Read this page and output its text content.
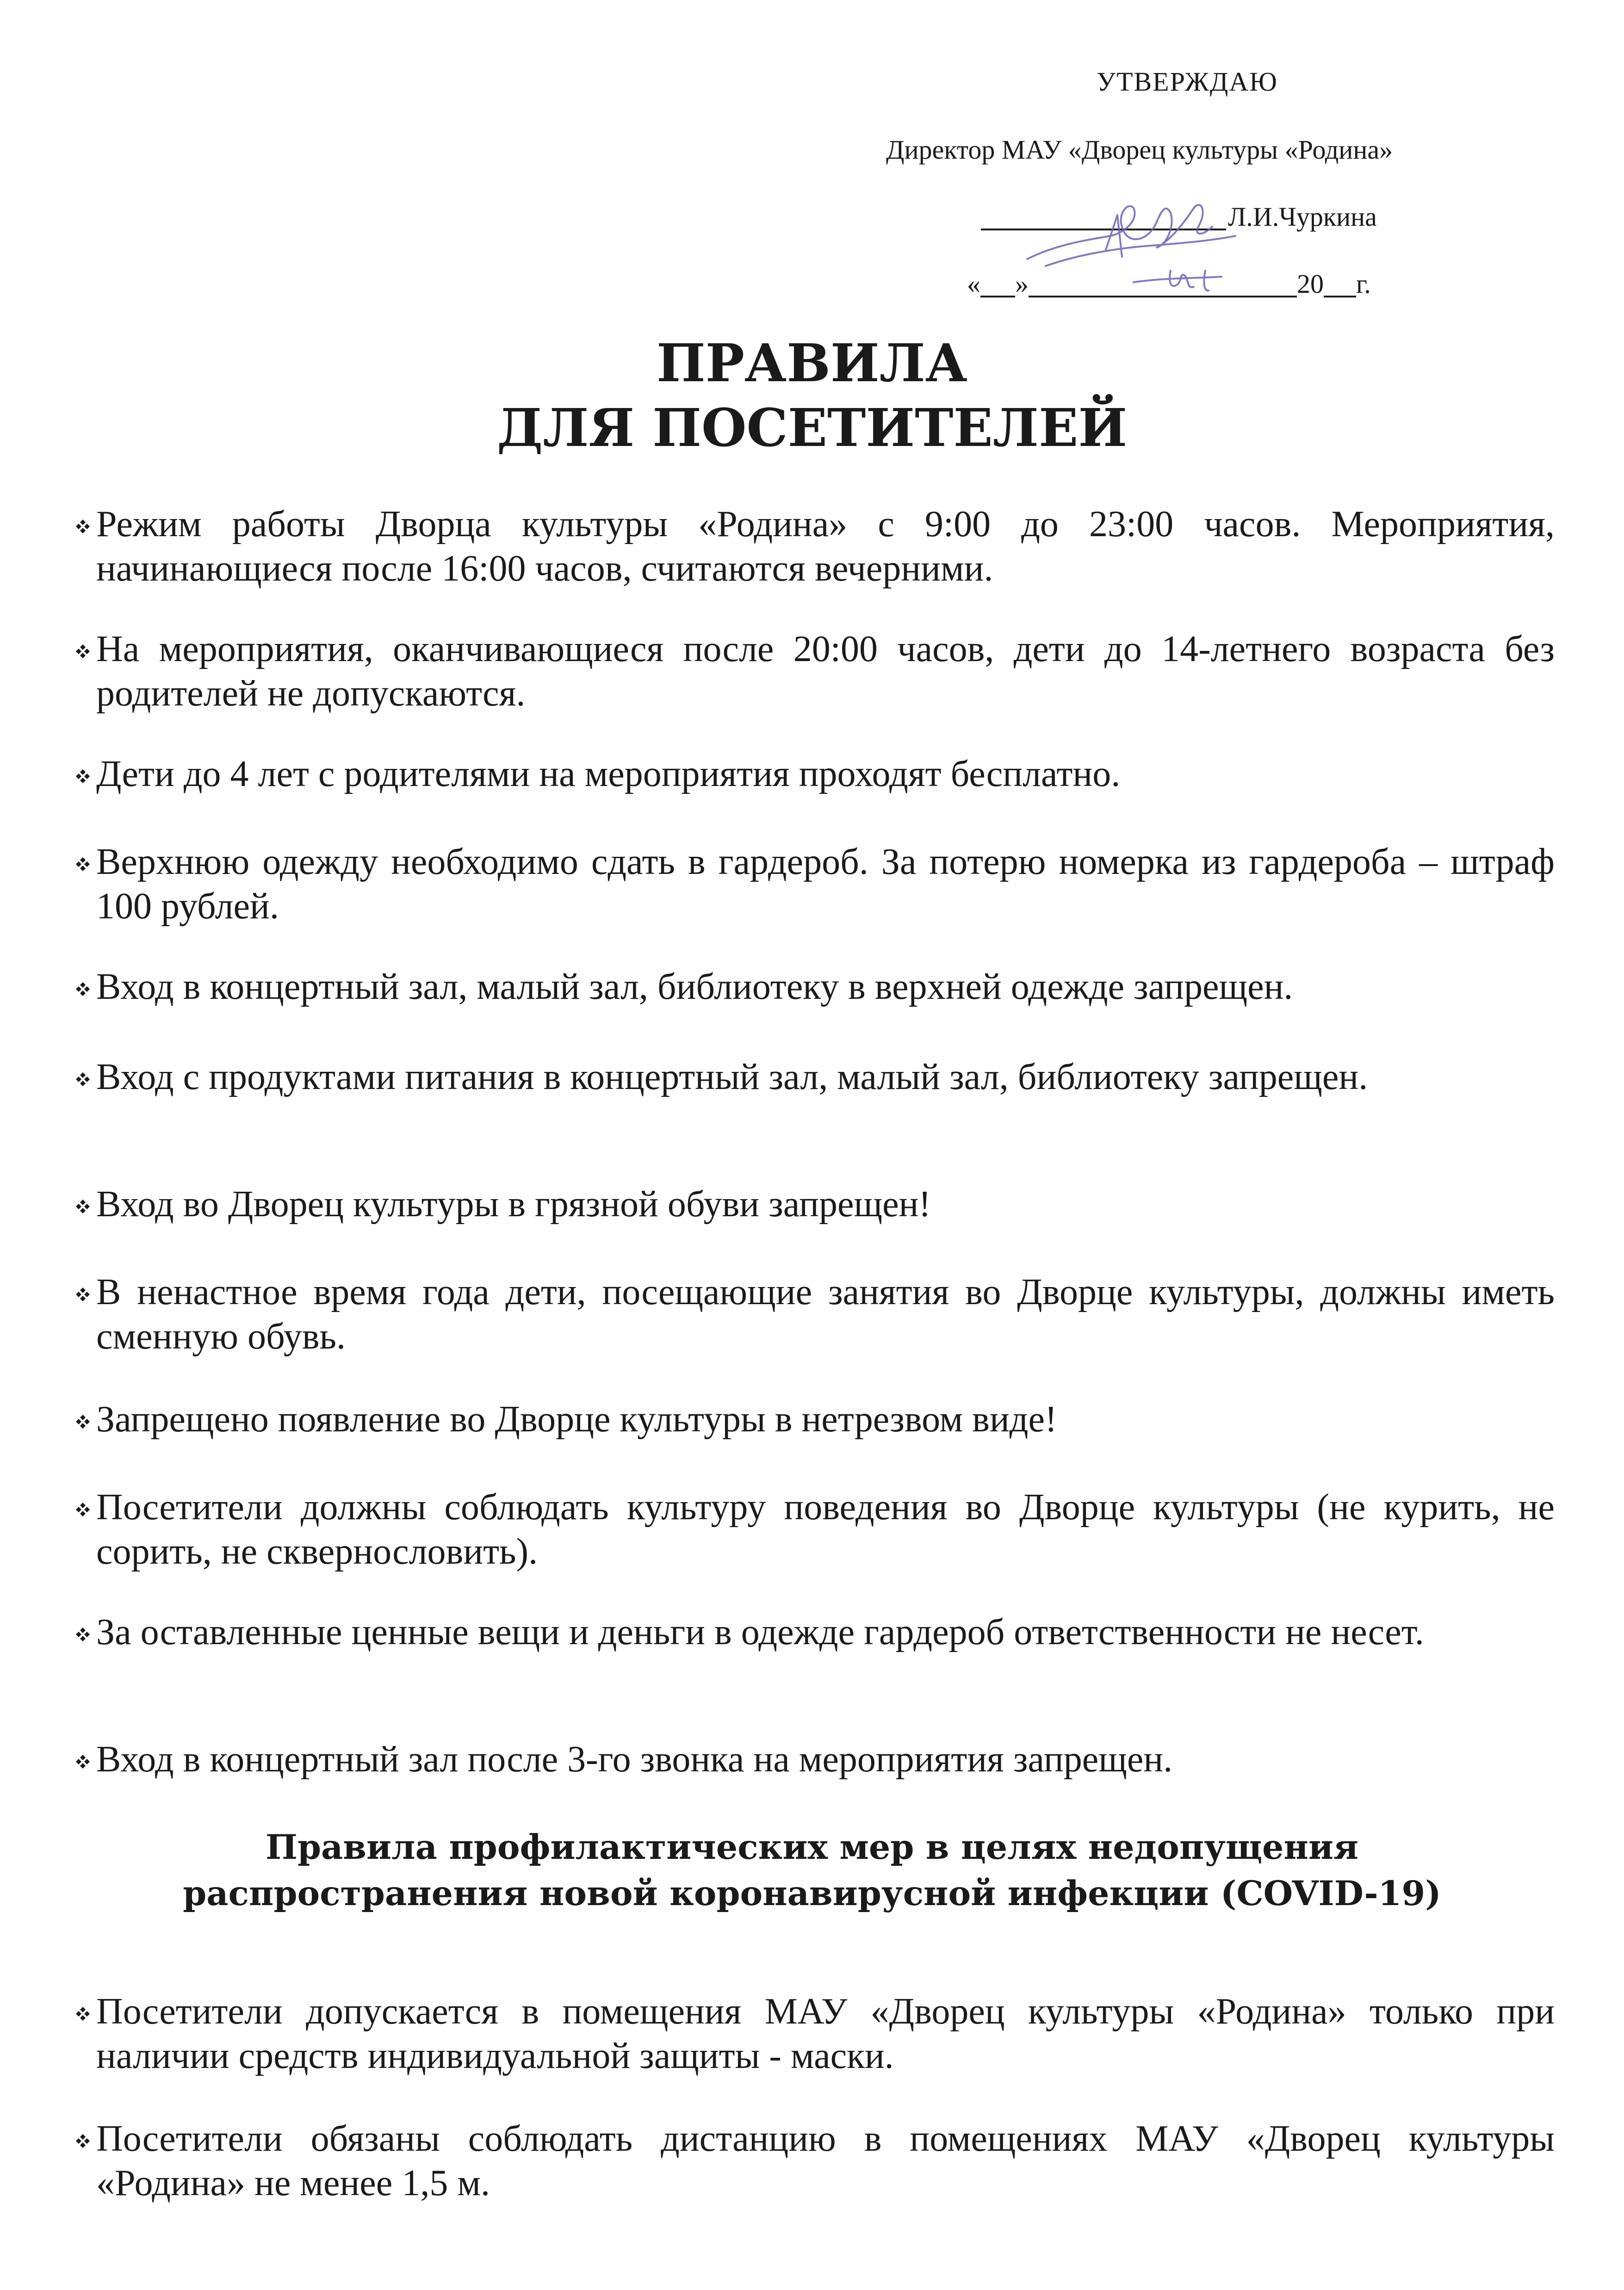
УТВЕРЖДАЮ
Директор МАУ «Дворец культуры «Родина»
Л.И.Чуркина
« »	20 г.
ПРАВИЛА
ДЛЯ ПОСЕТИТЕЛЕЙ
Режим работы Дворца культуры «Родина» с 9:00 до 23:00 часов. Мероприятия, начинающиеся после 16:00 часов, считаются вечерними.
На мероприятия, оканчивающиеся после 20:00 часов, дети до 14-летнего возраста без родителей не допускаются.
Дети до 4 лет с родителями на мероприятия проходят бесплатно.
Верхнюю одежду необходимо сдать в гардероб. За потерю номерка из гардероба – штраф 100 рублей.
Вход в концертный зал, малый зал, библиотеку в верхней одежде запрещен.
Вход с продуктами питания в концертный зал, малый зал, библиотеку запрещен.
Вход во Дворец культуры в грязной обуви запрещен!
В ненастное время года дети, посещающие занятия во Дворце культуры, должны иметь сменную обувь.
Запрещено появление во Дворце культуры в нетрезвом виде!
Посетители должны соблюдать культуру поведения во Дворце культуры (не курить, не сорить, не сквернословить).
За оставленные ценные вещи и деньги в одежде гардероб ответственности не несет.
Вход в концертный зал после 3-го звонка на мероприятия запрещен.
Правила профилактических мер в целях недопущения
распространения новой коронавирусной инфекции (COVID-19)
Посетители допускается в помещения МАУ «Дворец культуры «Родина» только при наличии средств индивидуальной защиты - маски.
Посетители обязаны соблюдать дистанцию в помещениях МАУ «Дворец культуры «Родина» не менее 1,5 м.
